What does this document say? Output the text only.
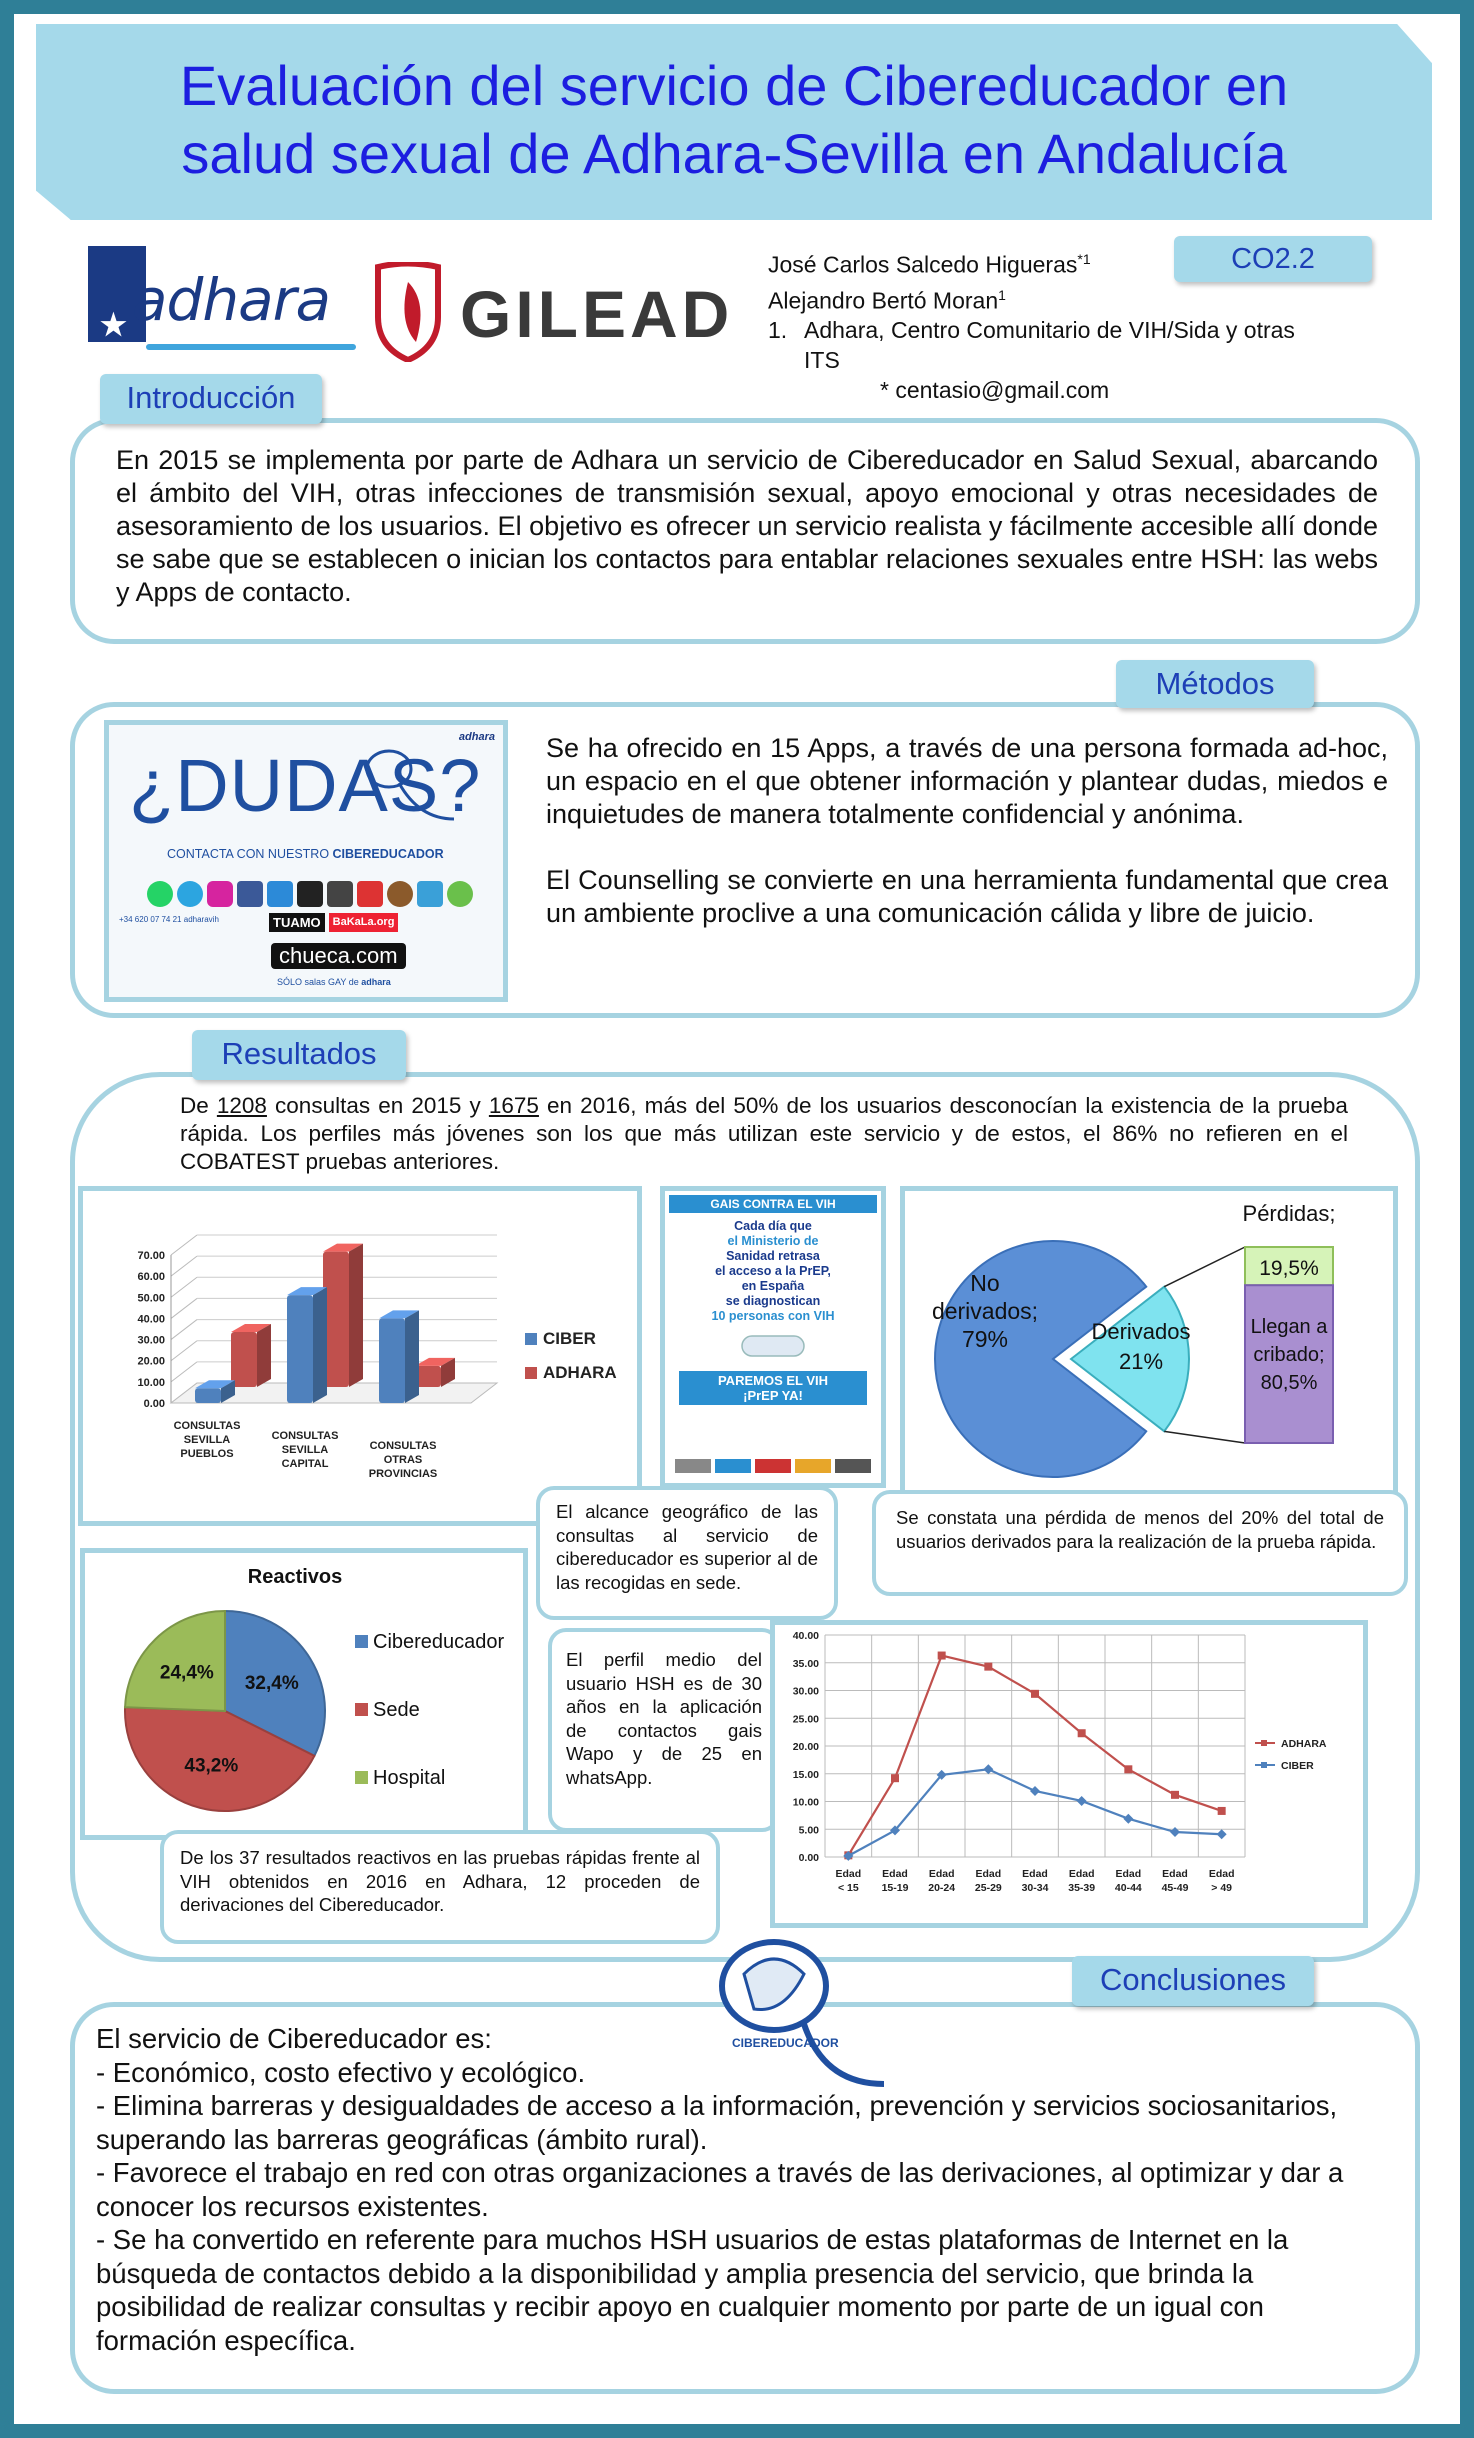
Evaluación del servicio de Cibereducador en
salud sexual de Adhara-Sevilla en Andalucía
★ adhara GILEAD
José Carlos Salcedo Higueras$^{*1}$
Alejandro Bertó Moran$^1$
1. Adhara, Centro Comunitario de VIH/Sida y otras
ITS
* centasio@gmail.com
CO2.2
Introducción
En 2015 se implementa por parte de Adhara un servicio de Cibereducador en Salud Sexual, abarcando el ámbito del VIH, otras infecciones de transmisión sexual, apoyo emocional y otras necesidades de asesoramiento de los usuarios. El objetivo es ofrecer un servicio realista y fácilmente accesible allí donde se sabe que se establecen o inician los contactos para entablar relaciones sexuales entre HSH: las webs y Apps de contacto.
Métodos
adhara
¿DUDAS?
CONTACTA CON NUESTRO CIBEREDUCADOR
+34 620 07 74 21 adharavih	TUAMO	BaKaLa.org
chueca.com
SÓLO salas GAY de adhara

Se ha ofrecido en 15 Apps, a través de una persona formada ad-hoc, un espacio en el que obtener información y plantear dudas, miedos e inquietudes de manera totalmente confidencial y anónima.

El Counselling se convierte en una herramienta fundamental que crea un ambiente proclive a una comunicación cálida y libre de juicio.

Resultados
De 1208 consultas en 2015 y 1675 en 2016, más del 50% de los usuarios desconocían la existencia de la prueba rápida. Los perfiles más jóvenes son los que más utilizan este servicio y de estos, el 86% no refieren en el COBATEST pruebas anteriores.
0.00
10.00
20.00
30.00
40.00
50.00
60.00
70.00
CONSULTAS SEVILLA PUEBLOS
CONSULTAS SEVILLA CAPITAL
CONSULTAS OTRAS PROVINCIAS
CIBER
ADHARA
GAIS CONTRA EL VIH
Cada día que
el Ministerio de
Sanidad retrasa
el acceso a la PrEP,
en España
se diagnostican
10 personas con VIH
PAREMOS EL VIH
¡PrEP YA!
No
derivados;
79%	Derivados
21%
Pérdidas;
19,5%
Llegan a
cribado;
80,5%
El alcance geográfico de las consultas al servicio de cibereducador es superior al de las recogidas en sede.
Se constata una pérdida de menos del 20% del total de usuarios derivados para la realización de la prueba rápida.
Reactivos
32,4%
Cibereducador
43,2%
Sede
24,4%
Hospital
El perfil medio del usuario HSH es de 30 años en la aplicación de contactos gais Wapo y de 25 en whatsApp.
0.00
5.00
10.00
15.00
20.00
25.00
30.00
35.00
40.00
Edad
< 15
Edad
15-19
Edad
20-24
Edad
25-29
Edad
30-34
Edad
35-39
Edad
40-44
Edad
45-49
Edad
> 49
ADHARA
CIBER
De los 37 resultados reactivos en las pruebas rápidas frente al VIH obtenidos en 2016 en Adhara, 12 proceden de derivaciones del Cibereducador.
CIBEREDUCADOR
Conclusiones
El servicio de Cibereducador es:
- Económico, costo efectivo y ecológico.
- Elimina barreras y desigualdades de acceso a la información, prevención y servicios sociosanitarios, superando las barreras geográficas (ámbito rural).
- Favorece el trabajo en red con otras organizaciones a través de las derivaciones, al optimizar y dar a conocer los recursos existentes.
- Se ha convertido en referente para muchos HSH usuarios de estas plataformas de Internet en la búsqueda de contactos debido a la disponibilidad y amplia presencia del servicio, que brinda la posibilidad de realizar consultas y recibir apoyo en cualquier momento por parte de un igual con formación específica.
